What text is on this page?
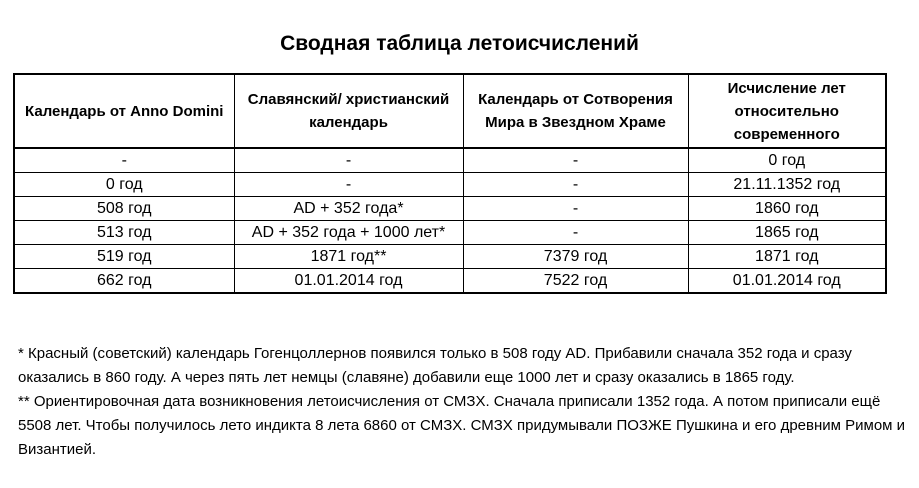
Сводная таблица летоисчислений
Календарь от Anno Domini	Славянский/ христианский календарь	Календарь от Сотворения Мира в Звездном Храме	Исчисление лет относительно современного
-	-	-	0 год
0 год	-	-	21.11.1352 год
508 год	AD + 352 года*	-	1860 год
513 год	AD + 352 года + 1000 лет*	-	1865 год
519 год	1871 год**	7379 год	1871 год
662 год	01.01.2014 год	7522 год	01.01.2014 год

* Красный (советский) календарь Гогенцоллернов появился только в 508 году AD. Прибавили сначала 352 года и сразу оказались в 860 году. А через пять лет немцы (славяне) добавили еще 1000 лет и сразу оказались в 1865 году.

** Ориентировочная дата возникновения летоисчисления от СМЗХ. Сначала приписали 1352 года. А потом приписали ещё 5508 лет. Чтобы получилось лето индикта 8 лета 6860 от СМЗХ. СМЗХ придумывали ПОЗЖЕ Пушкина и его древним Римом и Византией.
